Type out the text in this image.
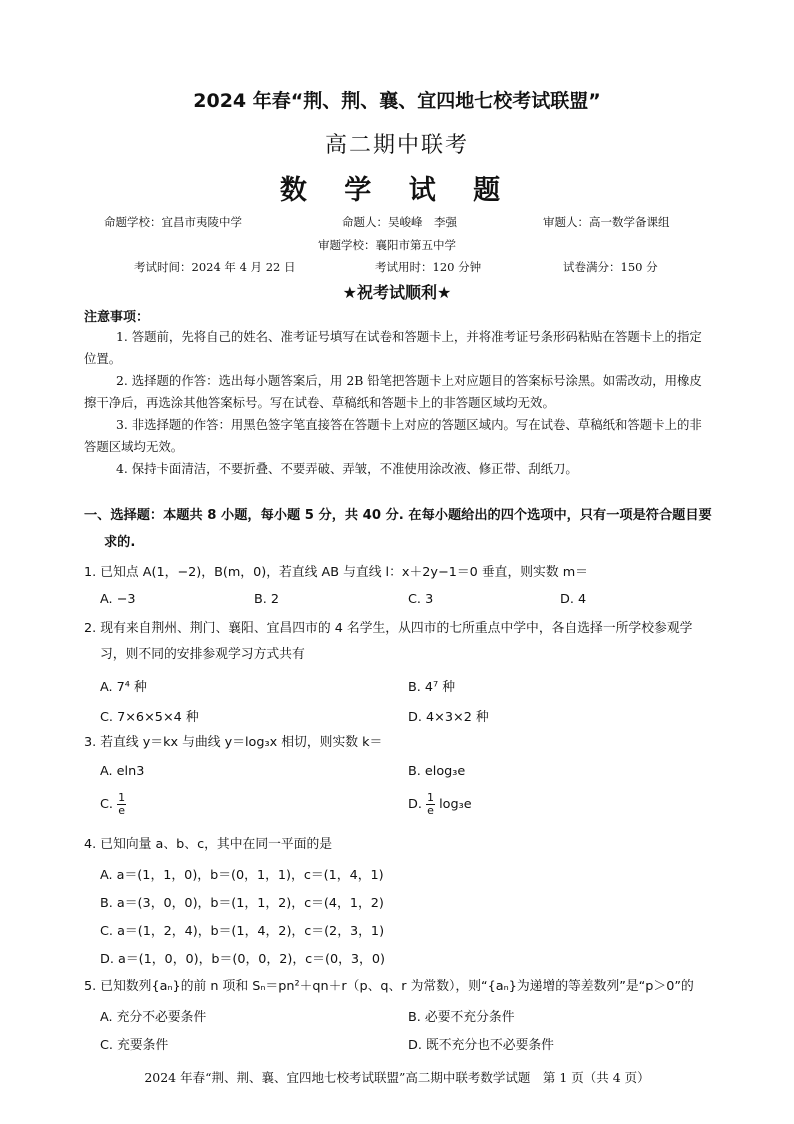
2024 年春“荆、荆、襄、宜四地七校考试联盟”
高二期中联考
数 学 试 题
命题学校：宜昌市夷陵中学	命题人：吴峻峰　李强	审题人：高一数学备课组
审题学校：襄阳市第五中学
考试时间：2024 年 4 月 22 日	考试用时：120 分钟	试卷满分：150 分
★祝考试顺利★
注意事项：

1. 答题前，先将自己的姓名、准考证号填写在试卷和答题卡上，并将准考证号条形码粘贴在答题卡上的指定位置。

2. 选择题的作答：选出每小题答案后，用 2B 铅笔把答题卡上对应题目的答案标号涂黑。如需改动，用橡皮擦干净后，再选涂其他答案标号。写在试卷、草稿纸和答题卡上的非答题区域均无效。

3. 非选择题的作答：用黑色签字笔直接答在答题卡上对应的答题区域内。写在试卷、草稿纸和答题卡上的非答题区域均无效。

4. 保持卡面清洁，不要折叠、不要弄破、弄皱，不准使用涂改液、修正带、刮纸刀。

一、选择题：本题共 8 小题，每小题 5 分，共 40 分. 在每小题给出的四个选项中，只有一项是符合题目要
求的.
1. 已知点 A(1，−2)，B(m，0)，若直线 AB 与直线 l：x＋2y−1＝0 垂直，则实数 m＝
A. −3	B. 2	C. 3	D. 4
2. 现有来自荆州、荆门、襄阳、宜昌四市的 4 名学生，从四市的七所重点中学中，各自选择一所学校参观学
习，则不同的安排参观学习方式共有
A. 7⁴ 种	B. 4⁷ 种
C. 7×6×5×4 种	D. 4×3×2 种
3. 若直线 y＝kx 与曲线 y＝log₃x 相切，则实数 k＝
A. eln3	B. elog₃e
C. $\frac{1}{e}$	D. $\frac{1}{e} \log_3e$
4. 已知向量 a、b、c，其中在同一平面的是
A. a＝(1，1，0)，b＝(0，1，1)，c＝(1，4，1)
B. a＝(3，0，0)，b＝(1，1，2)，c＝(4，1，2)
C. a＝(1，2，4)，b＝(1，4，2)，c＝(2，3，1)
D. a＝(1，0，0)，b＝(0，0，2)，c＝(0，3，0)
5. 已知数列{aₙ}的前 n 项和 Sₙ＝pn²＋qn＋r（p、q、r 为常数），则“{aₙ}为递增的等差数列”是“p＞0”的
A. 充分不必要条件	B. 必要不充分条件
C. 充要条件	D. 既不充分也不必要条件
2024 年春“荆、荆、襄、宜四地七校考试联盟”高二期中联考数学试题　第 1 页（共 4 页）
